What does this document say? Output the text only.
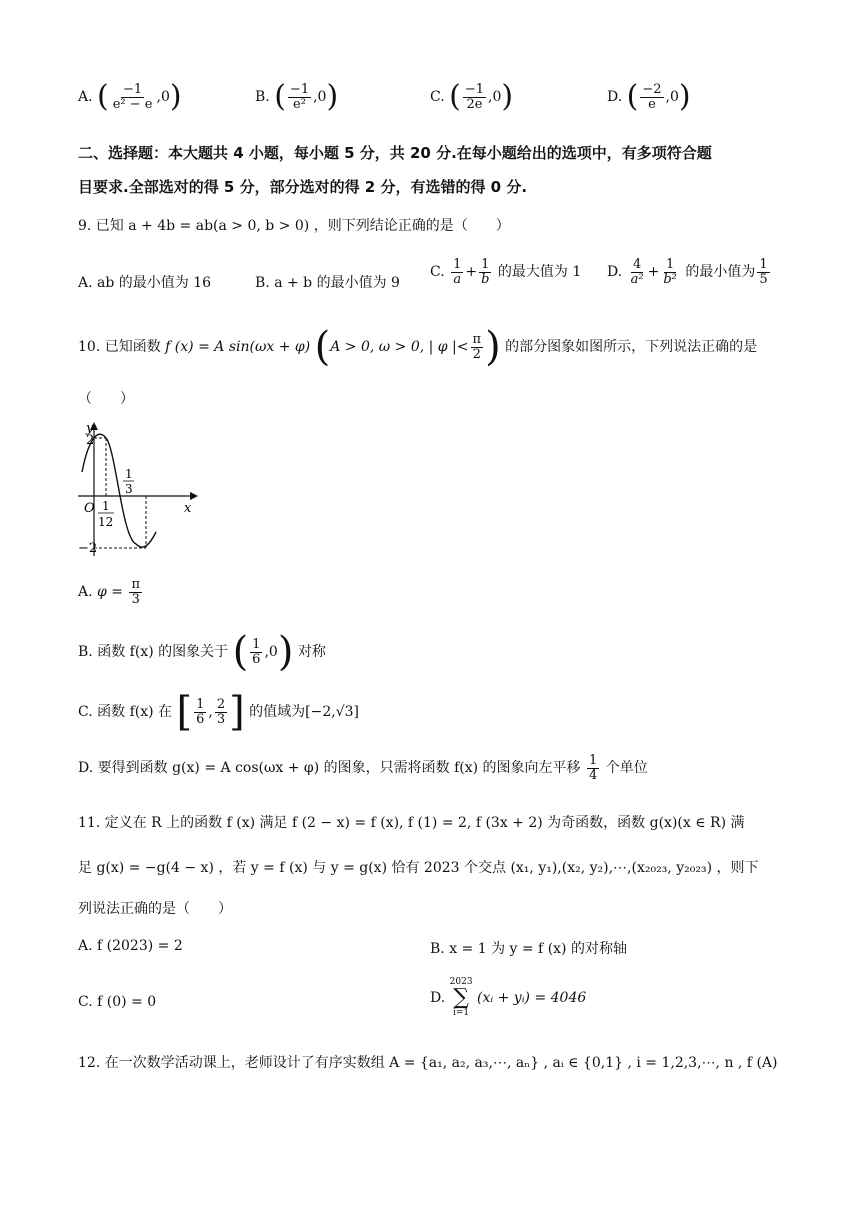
A. ( $\frac{-1}{\text{e² − e}} ,0$)	B. ( $\frac{-1}{\text{e²}} ,0$)	C. ( $\frac{-1}{2e} ,0$)	D. ( $\frac{-2}{e} ,0$)
二、选择题：本大题共 4 小题，每小题 5 分，共 20 分.在每小题给出的选项中，有多项符合题
目要求.全部选对的得 5 分，部分选对的得 2 分，有选错的得 0 分.
9. 已知 a + 4b = ab(a > 0, b > 0) ，则下列结论正确的是（　　）
A. ab 的最小值为 16	B. a + b 的最小值为 9
C. $\frac{1}{a} + \frac{1}{b}$ 的最大值为 1 D. $\frac{4}{\text{a²}} + \frac{1}{\text{b²}}$ 的最小值为 $\frac{1}{5}$
10. 已知函数 f (x) = A sin(ωx + φ) (A > 0, ω > 0, | φ |< $\frac{\pi}{2}$ ) 的部分图象如图所示，下列说法正确的是
（　　）
y
x
O
2
−2
1
12
1
3
A. $\varphi = \frac{\pi}{3}$
B. 函数 f(x) 的图象关于 ( $\frac{1}{6} ,0$) 对称
C. 函数 f(x) 在 [ $\frac{1}{6}$ , $\frac{2}{3}$ ] 的值域为[−2,√3]
D. 要得到函数 g(x) = A cos(ωx + φ) 的图象，只需将函数 f(x) 的图象向左平移 $\frac{1}{4}$ 个单位
11. 定义在 R 上的函数 f (x) 满足 f (2 − x) = f (x), f (1) = 2, f (3x + 2) 为奇函数，函数 g(x)(x ∈ R) 满
足 g(x) = −g(4 − x) ，若 y = f (x) 与 y = g(x) 恰有 2023 个交点 (x₁, y₁),(x₂, y₂),⋯,(x₂₀₂₃, y₂₀₂₃) ，则下
列说法正确的是（　　）
A. f (2023) = 2	B. x = 1 为 y = f (x) 的对称轴
C. f (0) = 0	D.
2023
∑
i=1
(xᵢ + yᵢ) = 4046
12. 在一次数学活动课上，老师设计了有序实数组 A = {a₁, a₂, a₃,⋯, aₙ} , aᵢ ∈ {0,1} , i = 1,2,3,⋯, n , f (A)
